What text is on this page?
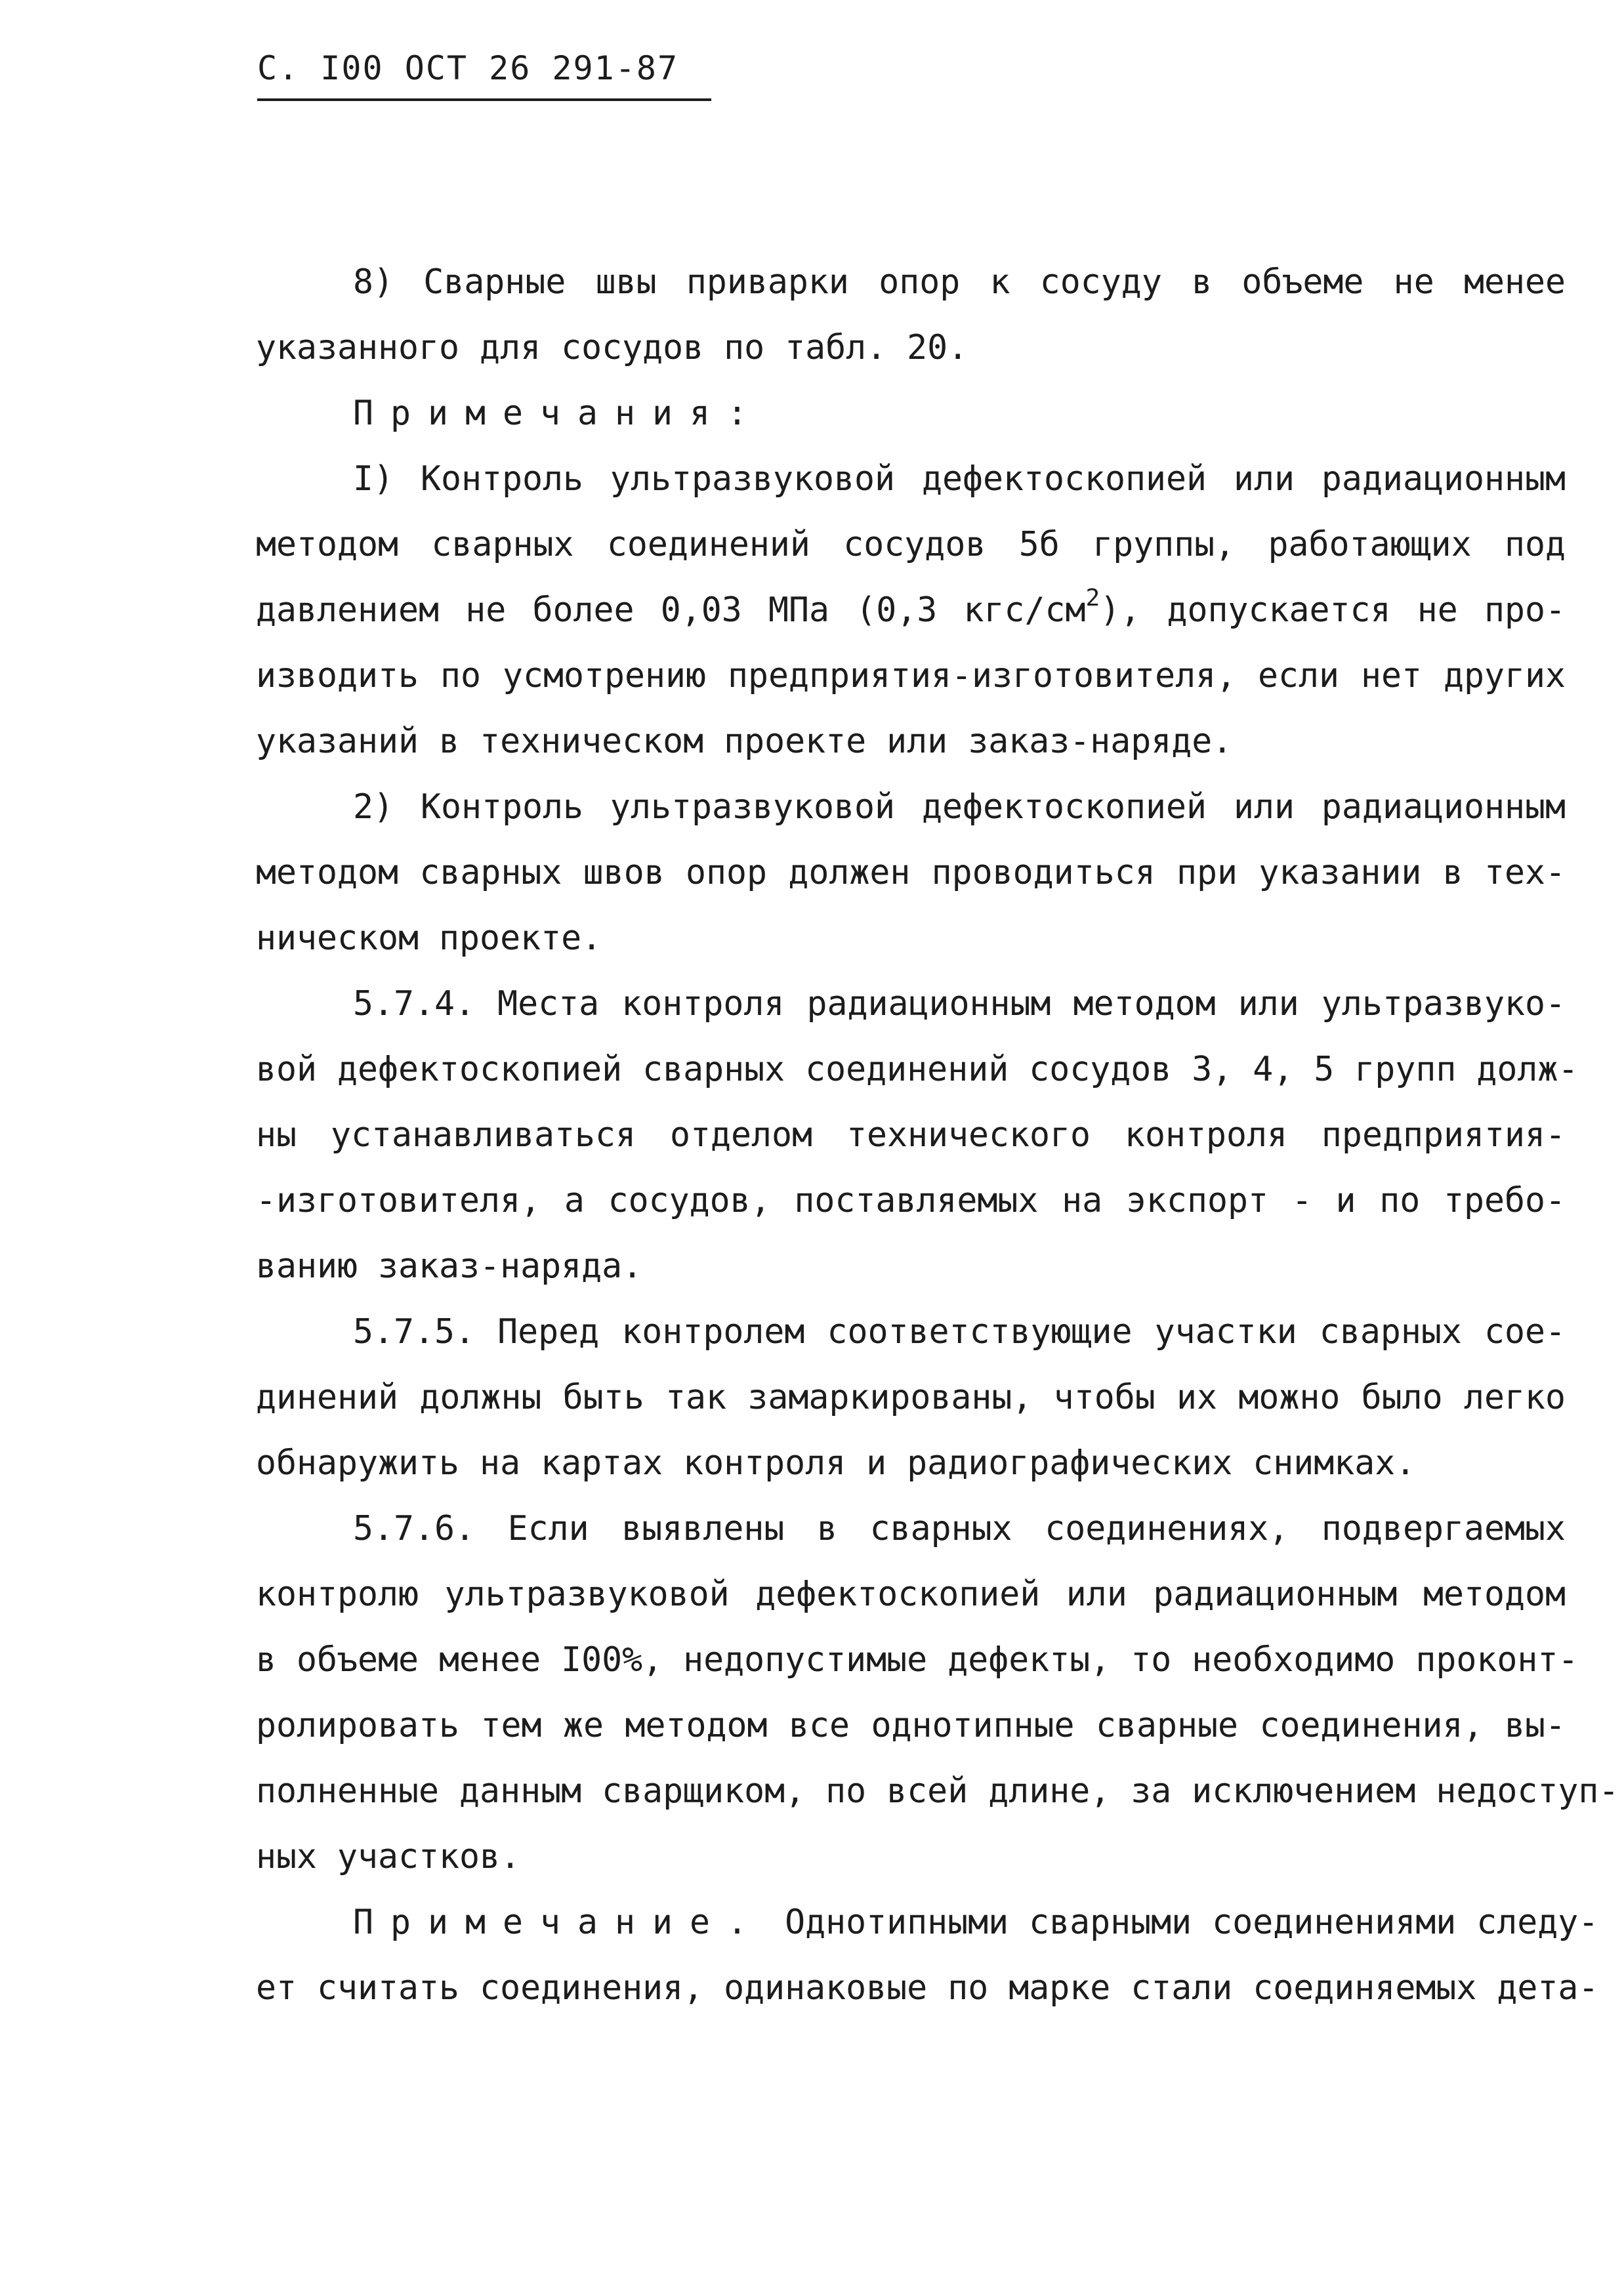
С. I00 ОСТ 26 291-87
8) Сварные швы приварки опор к сосуду в объеме не менее
указанного для сосудов по табл. 20.
Примечания:
I) Контроль ультразвуковой дефектоскопией или радиационным
методом сварных соединений сосудов 5б группы, работающих под
давлением не более 0,03 МПа (0,3 кгс/$см^2$), допускается не про-
изводить по усмотрению предприятия-изготовителя, если нет других
указаний в техническом проекте или заказ-наряде.
2) Контроль ультразвуковой дефектоскопией или радиационным
методом сварных швов опор должен проводиться при указании в тех-
ническом проекте.
5.7.4. Места контроля радиационным методом или ультразвуко-
вой дефектоскопией сварных соединений сосудов 3, 4, 5 групп долж-
ны устанавливаться отделом технического контроля предприятия-
-изготовителя, а сосудов, поставляемых на экспорт - и по требо-
ванию заказ-наряда.
5.7.5. Перед контролем соответствующие участки сварных сое-
динений должны быть так замаркированы, чтобы их можно было легко
обнаружить на картах контроля и радиографических снимках.
5.7.6. Если выявлены в сварных соединениях, подвергаемых
контролю ультразвуковой дефектоскопией или радиационным методом
в объеме менее I00%, недопустимые дефекты, то необходимо проконт-
ролировать тем же методом все однотипные сварные соединения, вы-
полненные данным сварщиком, по всей длине, за исключением недоступ-
ных участков.
Примечание. Однотипными сварными соединениями следу-
ет считать соединения, одинаковые по марке стали соединяемых дета-
